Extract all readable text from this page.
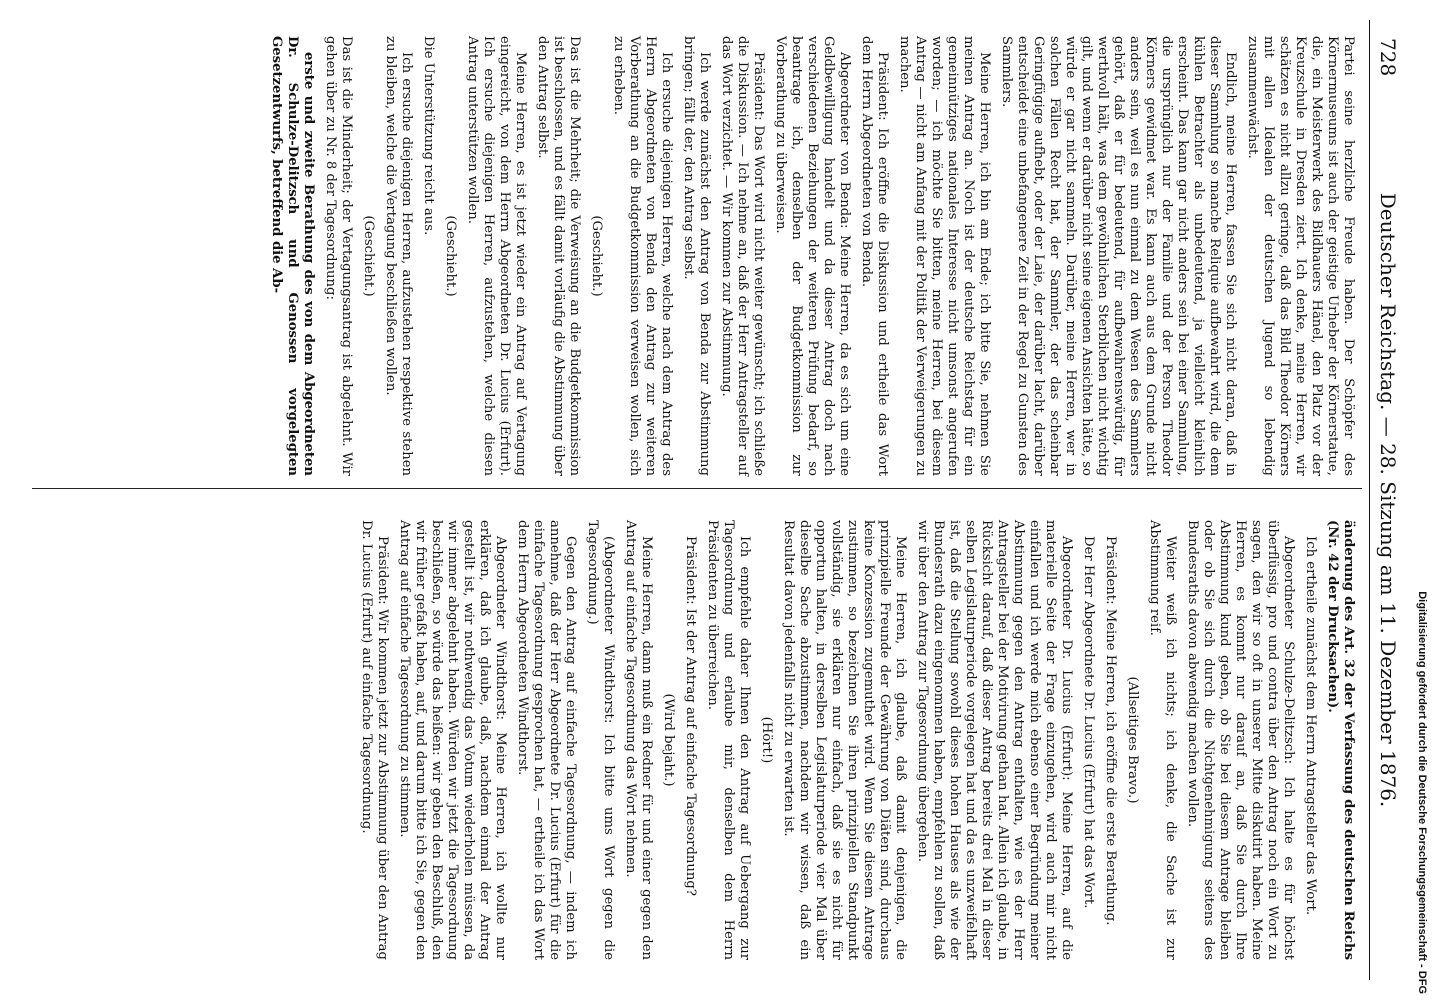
728
Deutscher Reichstag. — 28. Sitzung am 11. Dezember 1876.

Partei seine herzliche Freude haben. Der Schöpfer des Körnermuseums ist auch der geistige Urheber der Körnerstatue, die, ein Meisterwerk des Bildhauers Hänel, den Platz vor der Kreuzschule in Dresden ziert. Ich denke, meine Herren, wir schätzen es nicht allzu geringe, daß das Bild Theodor Körners mit allen Idealen der deutschen Jugend so lebendig zusammenwächst.

Endlich, meine Herren, fassen Sie sich nicht daran, daß in dieser Sammlung so manche Reliquie aufbewahrt wird, die dem kühlen Betrachter als unbedeutend, ja vielleicht kleinlich erscheint. Das kann gar nicht anders sein bei einer Sammlung, die ursprünglich nur der Familie und der Person Theodor Körners gewidmet war. Es kann auch aus dem Grunde nicht anders sein, weil es nun einmal zu dem Wesen des Sammlers gehört, daß er für bedeutend, für aufbewahrenswürdig, für werthvoll hält, was dem gewöhnlichen Sterblichen nicht wichtig gilt, und wenn er darüber nicht seine eigenen Ansichten hätte, so würde er gar nicht sammeln. Darüber, meine Herren, wer in solchen Fällen Recht hat, der Sammler, der das scheinbar Geringfügige aufhebt, oder der Laie, der darüber lacht, darüber entscheidet eine unbefangenere Zeit in der Regel zu Gunsten des Sammlers.

Meine Herren, ich bin am Ende; ich bitte Sie, nehmen Sie meinen Antrag an. Noch ist der deutsche Reichstag für ein gemeinnütziges nationales Interesse nicht umsonst angerufen worden; — ich möchte Sie bitten, meine Herren, bei diesem Antrag — nicht am Anfang mit der Politik der Verweigerungen zu machen.

Präsident: Ich eröffne die Diskussion und ertheile das Wort dem Herrn Abgeordneten von Benda.

Abgeordneter von Benda: Meine Herren, da es sich um eine Geldbewilligung handelt und da dieser Antrag doch nach verschiedenen Beziehungen der weiteren Prüfung bedarf, so beantrage ich, denselben der Budgetkommission zur Vorberathung zu überweisen.

Präsident: Das Wort wird nicht weiter gewünscht; ich schließe die Diskussion. — Ich nehme an, daß der Herr Antragsteller auf das Wort verzichtet. — Wir kommen zur Abstimmung.

Ich werde zunächst den Antrag von Benda zur Abstimmung bringen; fällt der, den Antrag selbst.

Ich ersuche diejenigen Herren, welche nach dem Antrag des Herrn Abgeordneten von Benda den Antrag zur weiteren Vorberathung an die Budgetkommission verweisen wollen, sich zu erheben.

(Geschieht.)

Das ist die Mehrheit; die Verweisung an die Budgetkommission ist beschlossen, und es fällt damit vorläufig die Abstimmung über den Antrag selbst.

Meine Herren, es ist jetzt wieder ein Antrag auf Vertagung eingereicht, von dem Herrn Abgeordneten Dr. Lucius (Erfurt). Ich ersuche diejenigen Herren, aufzustehen, welche diesen Antrag unterstützen wollen.

(Geschieht.)

Die Unterstützung reicht aus.

Ich ersuche diejenigen Herren, aufzustehen respektive stehen zu bleiben, welche die Vertagung beschließen wollen.

(Geschieht.)

Das ist die Minderheit; der Vertagungsantrag ist abgelehnt. Wir gehen über zu Nr. 8 der Tagesordnung:

erste und zweite Berathung des von dem Abgeordneten Dr. Schulze-Delitzsch und Genossen vorgelegten Gesetzentwurfs, betreffend die Ab-

änderung des Art. 32 der Verfassung des deutschen Reichs (Nr. 42 der Drucksachen).

Ich ertheile zunächst dem Herrn Antragsteller das Wort.

Abgeordneter Schulze-Delitzsch: Ich halte es für höchst überflüssig, pro und contra über den Antrag noch ein Wort zu sagen, den wir so oft in unserer Mitte diskutirt haben. Meine Herren, es kommt nur darauf an, daß Sie durch Ihre Abstimmung kund geben, ob Sie bei diesem Antrage bleiben oder ob Sie sich durch die Nichtgenehmigung seitens des Bundesraths davon abwendig machen wollen.

Weiter weiß ich nichts; ich denke, die Sache ist zur Abstimmung reif.

(Allseitiges Bravo.)

Präsident: Meine Herren, ich eröffne die erste Berathung.

Der Herr Abgeordnete Dr. Lucius (Erfurt) hat das Wort.

Abgeordneter Dr. Lucius (Erfurt): Meine Herren, auf die materielle Seite der Frage einzugehen, wird auch mir nicht einfallen und ich werde mich ebenso einer Begründung meiner Abstimmung gegen den Antrag enthalten, wie es der Herr Antragsteller bei der Motivirung gethan hat. Allein ich glaube, in Rücksicht darauf, daß dieser Antrag bereits drei Mal in dieser selben Legislaturperiode vorgelegen hat und da es unzweifelhaft ist, daß die Stellung sowohl dieses hohen Hauses als wie der Bundesrath dazu eingenommen haben, empfehlen zu sollen, daß wir über den Antrag zur Tagesordnung übergehen.

Meine Herren, ich glaube, daß damit denjenigen, die prinzipielle Freunde der Gewährung von Diäten sind, durchaus keine Konzession zugemuthet wird. Wenn Sie diesem Antrage zustimmen, so bezeichnen Sie ihren prinzipiellen Standpunkt vollständig, sie erklären nur einfach, daß sie es nicht für opportun halten, in derselben Legislaturperiode vier Mal über dieselbe Sache abzustimmen, nachdem wir wissen, daß ein Resultat davon jedenfalls nicht zu erwarten ist.

(Hört!)

Ich empfehle daher Ihnen den Antrag auf Uebergang zur Tagesordnung und erlaube mir, denselben dem Herrn Präsidenten zu überreichen.

Präsident: Ist der Antrag auf einfache Tagesordnung?

(Wird bejaht.)

Meine Herren, dann muß ein Redner für und einer gegen den Antrag auf einfache Tagesordnung das Wort nehmen.

(Abgeordneter Windthorst: Ich bitte ums Wort gegen die Tagesordnung.)

Gegen den Antrag auf einfache Tagesordnung, — indem ich annehme, daß der Herr Abgeordnete Dr. Lucius (Erfurt) für die einfache Tagesordnung gesprochen hat, — ertheile ich das Wort dem Herrn Abgeordneten Windthorst.

Abgeordneter Windthorst: Meine Herren, ich wollte nur erklären, daß ich glaube, daß, nachdem einmal der Antrag gestellt ist, wir nothwendig das Votum wiederholen müssen, da wir immer abgelehnt haben. Würden wir jetzt die Tagesordnung beschließen, so würde das heißen: wir geben den Beschluß, den wir früher gefaßt haben, auf, und darum bitte ich Sie, gegen den Antrag auf einfache Tagesordnung zu stimmen.

Präsident: Wir kommen jetzt zur Abstimmung über den Antrag Dr. Lucius (Erfurt) auf einfache Tagesordnung.	Digitalisierung gefördert durch die Deutsche Forschungsgemeinschaft - DFG
